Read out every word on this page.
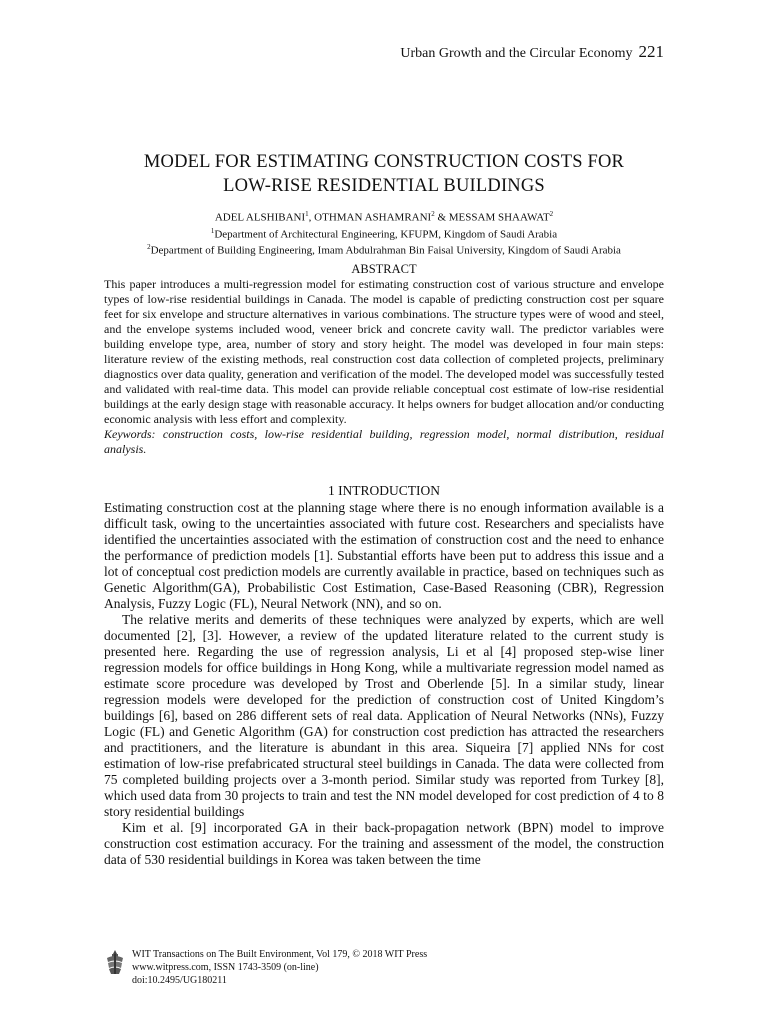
Urban Growth and the Circular Economy 221
MODEL FOR ESTIMATING CONSTRUCTION COSTS FOR
LOW-RISE RESIDENTIAL BUILDINGS
ADEL ALSHIBANI$^1$, OTHMAN ASHAMRANI$^2$ & MESSAM SHAAWAT$^2$
$^1$Department of Architectural Engineering, KFUPM, Kingdom of Saudi Arabia
$^2$Department of Building Engineering, Imam Abdulrahman Bin Faisal University, Kingdom of Saudi Arabia
ABSTRACT
This paper introduces a multi-regression model for estimating construction cost of various structure and envelope types of low-rise residential buildings in Canada. The model is capable of predicting construction cost per square feet for six envelope and structure alternatives in various combinations. The structure types were of wood and steel, and the envelope systems included wood, veneer brick and concrete cavity wall. The predictor variables were building envelope type, area, number of story and story height. The model was developed in four main steps: literature review of the existing methods, real construction cost data collection of completed projects, preliminary diagnostics over data quality, generation and verification of the model. The developed model was successfully tested and validated with real-time data. This model can provide reliable conceptual cost estimate of low-rise residential buildings at the early design stage with reasonable accuracy. It helps owners for budget allocation and/or conducting economic analysis with less effort and complexity.
Keywords: construction costs, low-rise residential building, regression model, normal distribution, residual analysis.
1 INTRODUCTION

Estimating construction cost at the planning stage where there is no enough information available is a difficult task, owing to the uncertainties associated with future cost. Researchers and specialists have identified the uncertainties associated with the estimation of construction cost and the need to enhance the performance of prediction models [1]. Substantial efforts have been put to address this issue and a lot of conceptual cost prediction models are currently available in practice, based on techniques such as Genetic Algorithm(GA), Probabilistic Cost Estimation, Case-Based Reasoning (CBR), Regression Analysis, Fuzzy Logic (FL), Neural Network (NN), and so on.

The relative merits and demerits of these techniques were analyzed by experts, which are well documented [2], [3]. However, a review of the updated literature related to the current study is presented here. Regarding the use of regression analysis, Li et al [4] proposed step-wise liner regression models for office buildings in Hong Kong, while a multivariate regression model named as estimate score procedure was developed by Trost and Oberlende [5]. In a similar study, linear regression models were developed for the prediction of construction cost of United Kingdom’s buildings [6], based on 286 different sets of real data. Application of Neural Networks (NNs), Fuzzy Logic (FL) and Genetic Algorithm (GA) for construction cost prediction has attracted the researchers and practitioners, and the literature is abundant in this area. Siqueira [7] applied NNs for cost estimation of low-rise prefabricated structural steel buildings in Canada. The data were collected from 75 completed building projects over a 3-month period. Similar study was reported from Turkey [8], which used data from 30 projects to train and test the NN model developed for cost prediction of 4 to 8 story residential buildings

Kim et al. [9] incorporated GA in their back-propagation network (BPN) model to improve construction cost estimation accuracy. For the training and assessment of the model, the construction data of 530 residential buildings in Korea was taken between the time

WIT Transactions on The Built Environment, Vol 179, © 2018 WIT Press
www.witpress.com, ISSN 1743-3509 (on-line)
doi:10.2495/UG180211
